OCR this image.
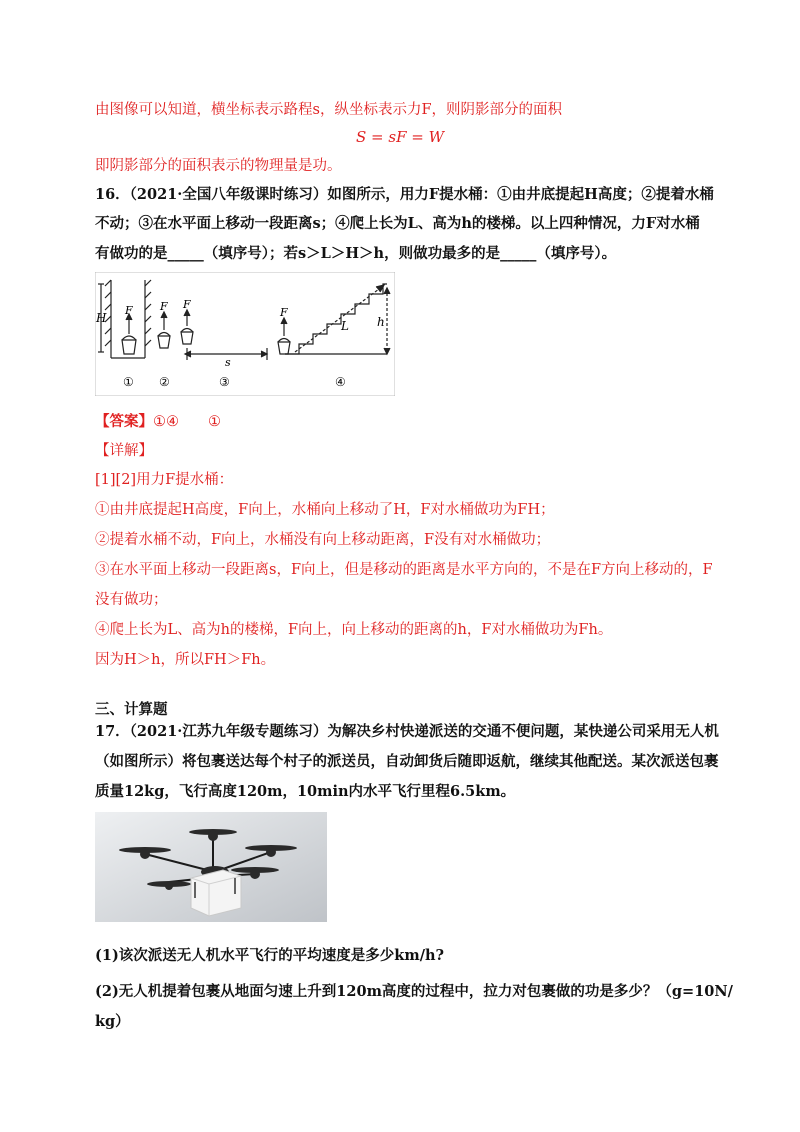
由图像可以知道，横坐标表示路程s，纵坐标表示力F，则阴影部分的面积
S = sF = W
即阴影部分的面积表示的物理量是功。
16．（2021·全国八年级课时练习）如图所示，用力F提水桶：①由井底提起H高度；②提着水桶
不动；③在水平面上移动一段距离s；④爬上长为L、高为h的楼梯。以上四种情况，力F对水桶
有做功的是_____（填序号）；若s＞L＞H＞h，则做功最多的是_____（填序号）。
H
F F F
s
F
L h
① ②	③	④
【答案】①④　　①
【详解】
[1][2]用力F提水桶：
①由井底提起H高度，F向上，水桶向上移动了H，F对水桶做功为FH；
②提着水桶不动，F向上，水桶没有向上移动距离，F没有对水桶做功；
③在水平面上移动一段距离s，F向上，但是移动的距离是水平方向的，不是在F方向上移动的，F
没有做功；
④爬上长为L、高为h的楼梯，F向上，向上移动的距离的h，F对水桶做功为Fh。
因为H＞h，所以FH＞Fh。
三、计算题
17．（2021·江苏九年级专题练习）为解决乡村快递派送的交通不便问题，某快递公司采用无人机
（如图所示）将包裹送达每个村子的派送员，自动卸货后随即返航，继续其他配送。某次派送包裹
质量12kg，飞行高度120m，10min内水平飞行里程6.5km。
(1)该次派送无人机水平飞行的平均速度是多少km/h?
(2)无人机提着包裹从地面匀速上升到120m高度的过程中，拉力对包裹做的功是多少？（g=10N/
kg）
